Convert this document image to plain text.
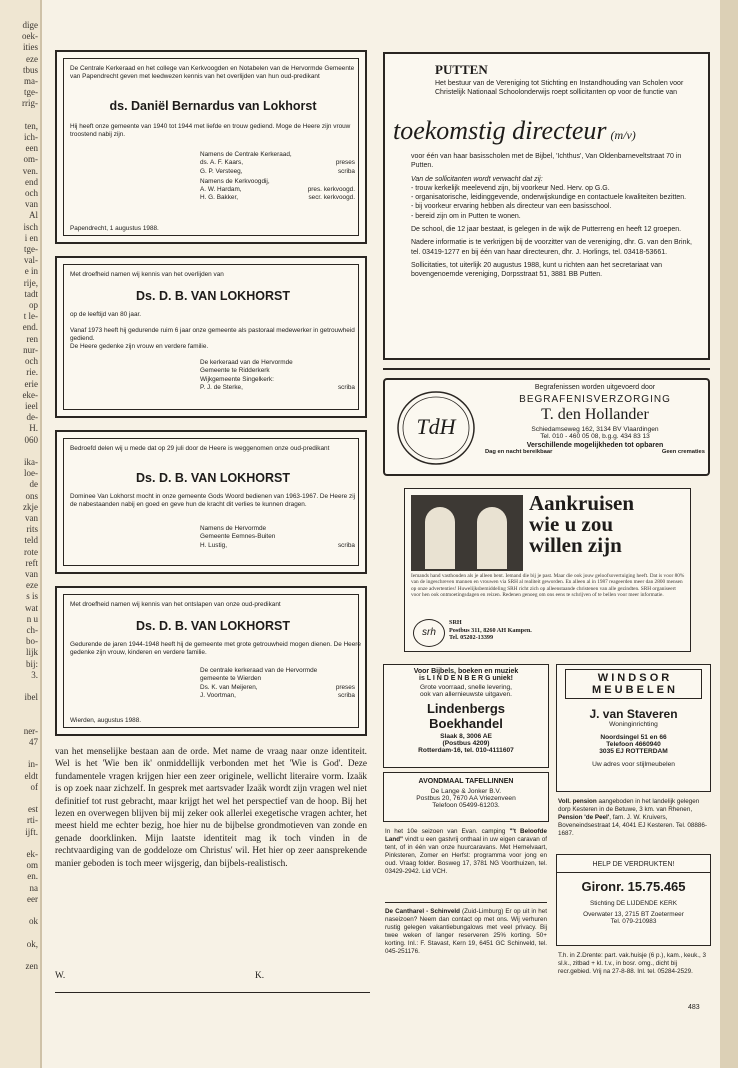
dige
oek-
ities
eze
tbus
ma-
tge-
rrig-

ten,
ich-
een
om-
ven.
end
och
van
Al
isch
i en
tge-
val-
e in
rije,
tadt
op
t le-
end.
ren
nur-
och
rie.
erie
eke-
ieel
de-
H.
060

ika-
loe-
de
ons
zkje
van
rits
teld
rote
reft
van
eze
s is
wat
n u
ch-
bo-
lijk
bij:
3.

ibel

ner-
47

in-
eldt
of

est
rti-
ijft.

ek-
om
en.
na
eer

ok

ok,

zen
De Centrale Kerkeraad en het college van Kerkvoogden en Notabelen van de Hervormde Gemeente van Papendrecht geven met leedwezen kennis van het overlijden van hun oud-predikant
ds. Daniël Bernardus van Lokhorst
Hij heeft onze gemeente van 1940 tot 1944 met liefde en trouw gediend. Moge de Heere zijn vrouw troostend nabij zijn.
Namens de Centrale Kerkeraad,
ds. A. F. Kaars,	preses
G. P. Versteeg,	scriba
Namens de Kerkvoogdij,
A. W. Hardam,	pres. kerkvoogd.
H. G. Bakker,	secr. kerkvoogd.
Papendrecht, 1 augustus 1988.
Met droefheid namen wij kennis van het overlijden van
Ds. D. B. VAN LOKHORST
op de leeftijd van 80 jaar.
Vanaf 1973 heeft hij gedurende ruim 6 jaar onze gemeente als pastoraal medewerker in getrouwheid gediend.
De Heere gedenke zijn vrouw en verdere familie.
De kerkeraad van de Hervormde
Gemeente te Ridderkerk
Wijkgemeente Singelkerk:
P. J. de Sterke,	scriba
Bedroefd delen wij u mede dat op 29 juli door de Heere is weggenomen onze oud-predikant
Ds. D. B. VAN LOKHORST
Dominee Van Lokhorst mocht in onze gemeente Gods Woord bedienen van 1963-1967. De Heere zij de nabestaanden nabij en goed en geve hun de kracht dit verlies te kunnen dragen.
Namens de Hervormde
Gemeente Eemnes-Buiten
H. Lustig,	scriba
Met droefheid namen wij kennis van het ontslapen van onze oud-predikant
Ds. D. B. VAN LOKHORST
Gedurende de jaren 1944-1948 heeft hij de gemeente met grote getrouwheid mogen dienen. De Heere gedenke zijn vrouw, kinderen en verdere familie.
De centrale kerkeraad van de Hervormde
gemeente te Wierden
Ds. K. van Meijeren,	preses
J. Voortman,	scriba
Wierden, augustus 1988.
van het menselijke bestaan aan de orde. Met name de vraag naar onze identiteit. Wel is het 'Wie ben ik' onmiddellijk verbonden met het 'Wie is God'. Deze fundamentele vragen krijgen hier een zeer originele, wellicht literaire vorm. Izaäk is op zoek naar zichzelf. In gesprek met aartsvader Izaäk wordt zijn vragen wel niet definitief tot rust gebracht, maar krijgt het wel het perspectief van de hoop. Bij het lezen en overwegen blijven bij mij zeker ook allerlei exegetische vragen achter, het meest hield me echter bezig, hoe hier nu de bijbelse grondmotieven van zonde en genade doorklinken. Mijn laatste identiteit mag ik toch vinden in de rechtvaardiging van de goddeloze om Christus' wil. Het hier op zeer aansprekende manier geboden is toch meer wijsgerig, dan bijbels-realistisch.
W.	K.
PUTTEN
Het bestuur van de Vereniging tot Stichting en Instandhouding van Scholen voor Christelijk Nationaal Schoolonderwijs roept sollicitanten op voor de functie van
toekomstig directeur (m/v)
voor één van haar basisscholen met de Bijbel, 'Ichthus', Van Oldenbarneveltstraat 70 in Putten.
Van de sollicitanten wordt verwacht dat zij:
- trouw kerkelijk meelevend zijn, bij voorkeur Ned. Herv. op G.G.
- organisatorische, leidinggevende, onderwijskundige en contactuele kwaliteiten bezitten.
- bij voorkeur ervaring hebben als directeur van een basisschool.
- bereid zijn om in Putten te wonen.
De school, die 12 jaar bestaat, is gelegen in de wijk de Putterreng en heeft 12 groepen.
Nadere informatie is te verkrijgen bij de voorzitter van de vereniging, dhr. G. van den Brink, tel. 03419-1277 en bij één van haar directeuren, dhr. J. Horlings, tel. 03418-53661.
Sollicitaties, tot uiterlijk 20 augustus 1988, kunt u richten aan het secretariaat van bovengenoemde vereniging, Dorpsstraat 51, 3881 BB Putten.
TdH
Begrafenissen worden uitgevoerd door
BEGRAFENISVERZORGING
T. den Hollander
Schiedamseweg 162, 3134 BV Vlaardingen
Tel. 010 - 460 05 08, b.g.g. 434 83 13
Verschillende mogelijkheden tot opbaren
Dag en nacht bereikbaar	Geen crematies
Aankruisen
wie u zou
willen zijn
Iemands hand vasthouden als je alleen bent. Iemand die bij je past. Maar die ook jouw geloofsovertuiging heeft. Dat is voor 80% van de ingeschreven mannen en vrouwen via SRH al realiteit geworden. En alleen al in 1987 reageerden meer dan 2800 mensen op onze advertenties! Huwelijksbemiddeling SRH richt zich op alleenstaande christenen van alle gezindten. SRH organiseert voor hen ook ontmoetingsdagen en reizen. Redenen genoeg om ons eens te schrijven of te bellen voor meer informatie.
srh
SRH
Postbus 311, 8260 AH Kampen.
Tel. 05202-13399
Voor Bijbels, boeken en muziek
is L I N D E N B E R G uniek!
Grote voorraad, snelle levering,
ook van allernieuwste uitgaven.
Lindenbergs
Boekhandel
Slaak 8, 3006 AE
(Postbus 4209)
Rotterdam-16, tel. 010-4111607
AVONDMAAL TAFELLINNEN
De Lange & Jonker B.V.
Postbus 20, 7670 AA Vriezenveen
Telefoon 05499-61203.
In het 10e seizoen van Evan. camping "'t Beloofde Land" vindt u een gastvrij onthaal in uw eigen caravan of tent, of in één van onze huurcaravans. Met Hemelvaart, Pinksteren, Zomer en Herfst: programma voor jong en oud. Vraag folder. Bosweg 17, 3781 NG Voorthuizen, tel. 03429-2942. Lid VCH.
De Cantharel - Schinveld (Zuid-Limburg) Er op uit in het naseizoen? Neem dan contact op met ons. Wij verhuren rustig gelegen vakantiebungalows met veel privacy. Bij twee weken of langer reserveren 25% korting. 50+ korting. Inl.: F. Stavast, Kern 19, 6451 GC Schinveld, tel. 045-251176.
W I N D S O R
M E U B E L E N
J. van Staveren
Woninginrichting
Noordsingel 51 en 66
Telefoon 4660940
3035 EJ ROTTERDAM
Uw adres voor stijlmeubelen
Voll. pension aangeboden in het landelijk gelegen dorp Kesteren in de Betuwe, 3 km. van Rhenen, Pension 'de Peel', fam. J. W. Kruivers, Boveneindsestraat 14, 4041 EJ Kesteren. Tel. 08886-1687.
HELP DE VERDRUKTEN!
Gironr. 15.75.465
Stichting DE LIJDENDE KERK
Overwater 13, 2715 BT Zoetermeer
Tel. 079-210983
T.h. in Z.Drente: part. vak.huisje (6 p.), kam., keuk., 3 sl.k., zitbad + kl. t.v., in bosr. omg., dicht bij recr.gebied. Vrij na 27-8-88. Inl. tel. 05284-2529.
483
